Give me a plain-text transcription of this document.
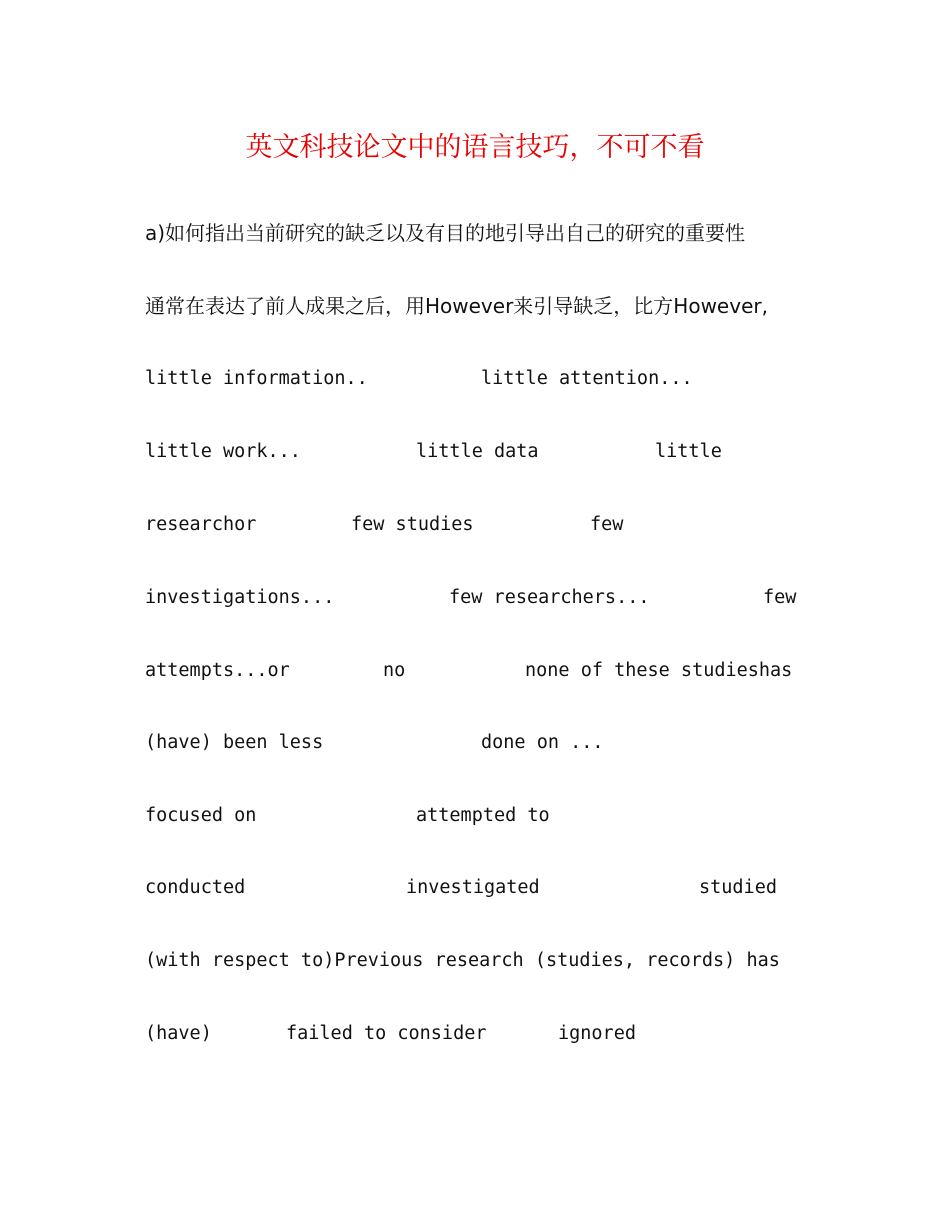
英文科技论文中的语言技巧，不可不看
a)如何指出当前研究的缺乏以及有目的地引导出自己的研究的重要性
通常在表达了前人成果之后，用However来引导缺乏，比方However,
little information..	little attention...
little work...	little data	little
researchor	few studies	few
investigations...	few researchers...	few
attempts...or	no	none of these studieshas
(have) been less	done on ...
focused on	attempted to
conducted	investigated	studied
(with respect to)Previous research (studies, records) has
(have)	failed to consider	ignored
